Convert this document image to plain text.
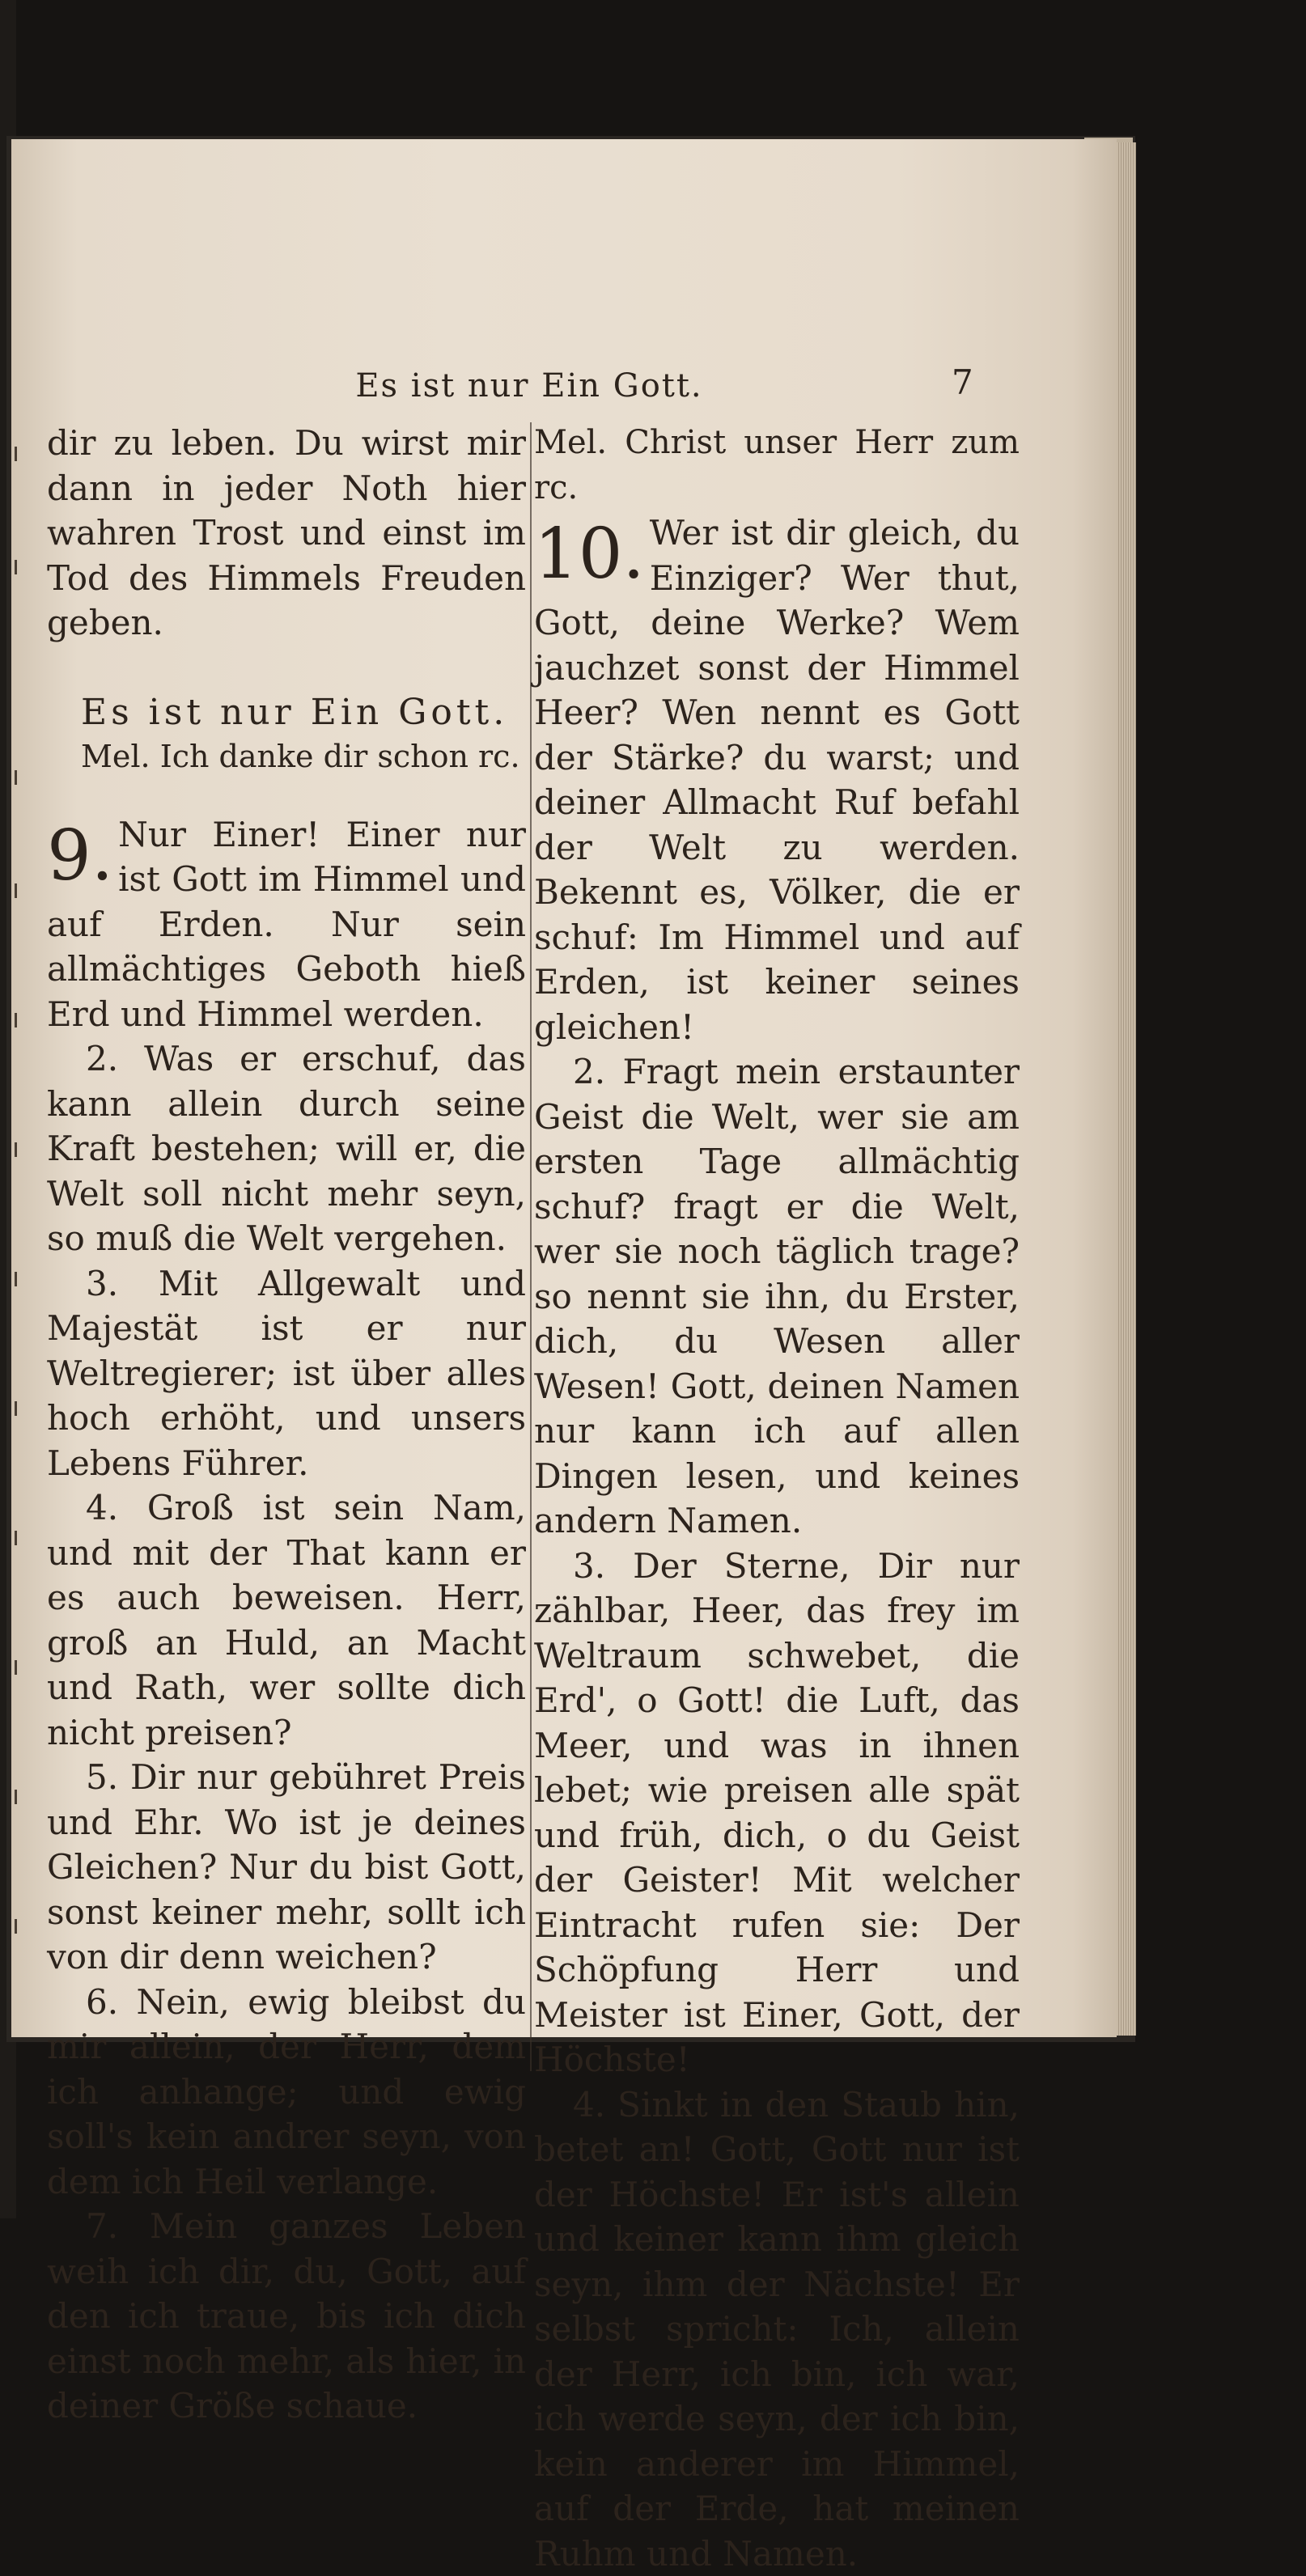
Es ist nur Ein Gott.	7

dir zu leben. Du wirst mir dann in jeder Noth hier wahren Trost und einst im Tod des Himmels Freuden geben.

Es ist nur Ein Gott.

Mel. Ich danke dir schon rc.

9. Nur Einer! Einer nur ist Gott im Himmel und auf Erden. Nur sein allmächtiges Geboth hieß Erd und Himmel werden.

2. Was er erschuf, das kann allein durch seine Kraft bestehen; will er, die Welt soll nicht mehr seyn, so muß die Welt vergehen.

3. Mit Allgewalt und Majestät ist er nur Weltregierer; ist über alles hoch erhöht, und unsers Lebens Führer.

4. Groß ist sein Nam, und mit der That kann er es auch beweisen. Herr, groß an Huld, an Macht und Rath, wer sollte dich nicht preisen?

5. Dir nur gebühret Preis und Ehr. Wo ist je deines Gleichen? Nur du bist Gott, sonst keiner mehr, sollt ich von dir denn weichen?

6. Nein, ewig bleibst du mir allein, der Herr, dem ich anhange; und ewig soll's kein andrer seyn, von dem ich Heil verlange.

7. Mein ganzes Leben weih ich dir, du, Gott, auf den ich traue, bis ich dich einst noch mehr, als hier, in deiner Größe schaue.

Mel. Christ unser Herr zum rc.

10. Wer ist dir gleich, du Einziger? Wer thut, Gott, deine Werke? Wem jauchzet sonst der Himmel Heer? Wen nennt es Gott der Stärke? du warst; und deiner Allmacht Ruf befahl der Welt zu werden. Bekennt es, Völker, die er schuf: Im Himmel und auf Erden, ist keiner seines gleichen!

2. Fragt mein erstaunter Geist die Welt, wer sie am ersten Tage allmächtig schuf? fragt er die Welt, wer sie noch täglich trage? so nennt sie ihn, du Erster, dich, du Wesen aller Wesen! Gott, deinen Namen nur kann ich auf allen Dingen lesen, und keines andern Namen.

3. Der Sterne, Dir nur zählbar, Heer, das frey im Weltraum schwebet, die Erd', o Gott! die Luft, das Meer, und was in ihnen lebet; wie preisen alle spät und früh, dich, o du Geist der Geister! Mit welcher Eintracht rufen sie: Der Schöpfung Herr und Meister ist Einer, Gott, der Höchste!

4. Sinkt in den Staub hin, betet an! Gott, Gott nur ist der Höchste! Er ist's allein und keiner kann ihm gleich seyn, ihm der Nächste! Er selbst spricht: Ich, allein der Herr, ich bin, ich war, ich werde seyn, der ich bin, kein anderer im Himmel, auf der Erde, hat meinen Ruhm und Namen.
